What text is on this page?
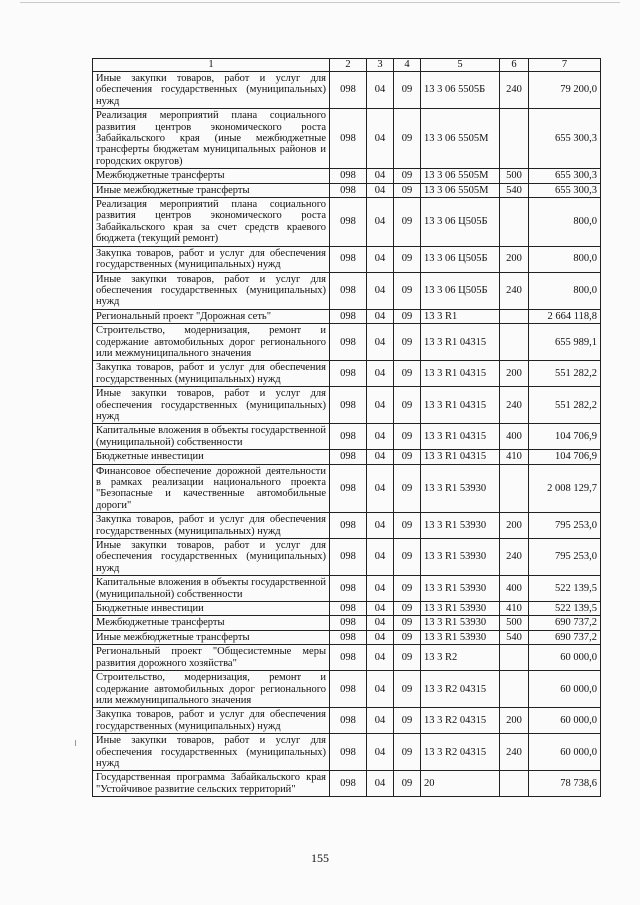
1	2	3	4	5	6	7
Иные закупки товаров, работ и услуг для обеспечения государственных (муниципальных) нужд	098	04	09	13 3 06 5505Б	240	79 200,0
Реализация мероприятий плана социального развития центров экономического роста Забайкальского края (иные межбюджетные трансферты бюджетам муниципальных районов и городских округов)	098	04	09	13 3 06 5505М		655 300,3
Межбюджетные трансферты	098	04	09	13 3 06 5505М	500	655 300,3
Иные межбюджетные трансферты	098	04	09	13 3 06 5505М	540	655 300,3
Реализация мероприятий плана социального развития центров экономического роста Забайкальского края за счет средств краевого бюджета (текущий ремонт)	098	04	09	13 3 06 Ц505Б		800,0
Закупка товаров, работ и услуг для обеспечения государственных (муниципальных) нужд	098	04	09	13 3 06 Ц505Б	200	800,0
Иные закупки товаров, работ и услуг для обеспечения государственных (муниципальных) нужд	098	04	09	13 3 06 Ц505Б	240	800,0
Региональный проект "Дорожная сеть"	098	04	09	13 3 R1		2 664 118,8
Строительство, модернизация, ремонт и содержание автомобильных дорог регионального или межмуниципального значения	098	04	09	13 3 R1 04315		655 989,1
Закупка товаров, работ и услуг для обеспечения государственных (муниципальных) нужд	098	04	09	13 3 R1 04315	200	551 282,2
Иные закупки товаров, работ и услуг для обеспечения государственных (муниципальных) нужд	098	04	09	13 3 R1 04315	240	551 282,2
Капитальные вложения в объекты государственной (муниципальной) собственности	098	04	09	13 3 R1 04315	400	104 706,9
Бюджетные инвестиции	098	04	09	13 3 R1 04315	410	104 706,9
Финансовое обеспечение дорожной деятельности в рамках реализации национального проекта "Безопасные и качественные автомобильные дороги"	098	04	09	13 3 R1 53930		2 008 129,7
Закупка товаров, работ и услуг для обеспечения государственных (муниципальных) нужд	098	04	09	13 3 R1 53930	200	795 253,0
Иные закупки товаров, работ и услуг для обеспечения государственных (муниципальных) нужд	098	04	09	13 3 R1 53930	240	795 253,0
Капитальные вложения в объекты государственной (муниципальной) собственности	098	04	09	13 3 R1 53930	400	522 139,5
Бюджетные инвестиции	098	04	09	13 3 R1 53930	410	522 139,5
Межбюджетные трансферты	098	04	09	13 3 R1 53930	500	690 737,2
Иные межбюджетные трансферты	098	04	09	13 3 R1 53930	540	690 737,2
Региональный проект "Общесистемные меры развития дорожного хозяйства"	098	04	09	13 3 R2		60 000,0
Строительство, модернизация, ремонт и содержание автомобильных дорог регионального или межмуниципального значения	098	04	09	13 3 R2 04315		60 000,0
Закупка товаров, работ и услуг для обеспечения государственных (муниципальных) нужд	098	04	09	13 3 R2 04315	200	60 000,0
Иные закупки товаров, работ и услуг для обеспечения государственных (муниципальных) нужд	098	04	09	13 3 R2 04315	240	60 000,0
Государственная программа Забайкальского края "Устойчивое развитие сельских территорий"	098	04	09	20		78 738,6
155
